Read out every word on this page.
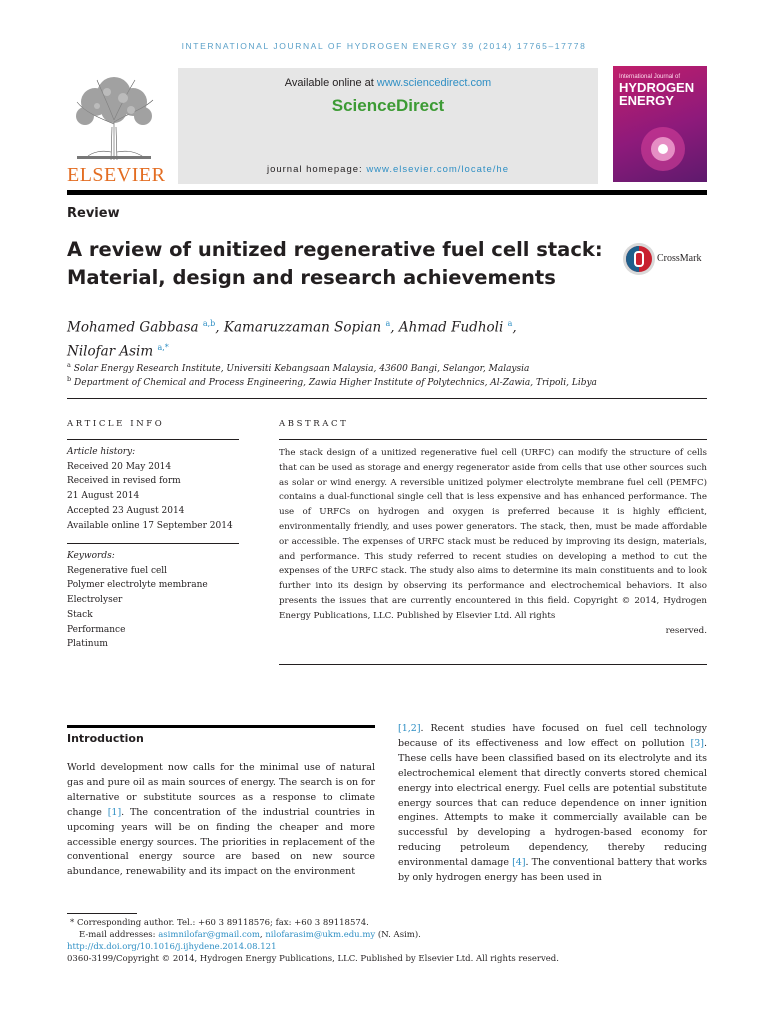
INTERNATIONAL JOURNAL OF HYDROGEN ENERGY 39 (2014) 17765–17778
ELSEVIER
Available online at www.sciencedirect.com
ScienceDirect
journal homepage: www.elsevier.com/locate/he
International Journal of
HYDROGEN
ENERGY
Review
A review of unitized regenerative fuel cell stack:
Material, design and research achievements
CrossMark
Mohamed Gabbasa $^{a,b}$, Kamaruzzaman Sopian $^a$, Ahmad Fudholi $^a$,
Nilofar Asim $^{a,*}$
$^a$ Solar Energy Research Institute, Universiti Kebangsaan Malaysia, 43600 Bangi, Selangor, Malaysia
$^b$ Department of Chemical and Process Engineering, Zawia Higher Institute of Polytechnics, Al-Zawia, Tripoli, Libya
ARTICLE INFO
Article history:
Received 20 May 2014
Received in revised form
21 August 2014
Accepted 23 August 2014
Available online 17 September 2014
Keywords:
Regenerative fuel cell
Polymer electrolyte membrane
Electrolyser
Stack
Performance
Platinum
ABSTRACT
The stack design of a unitized regenerative fuel cell (URFC) can modify the structure of cells that can be used as storage and energy regenerator aside from cells that use other sources such as solar or wind energy. A reversible unitized polymer electrolyte membrane fuel cell (PEMFC) contains a dual-functional single cell that is less expensive and has enhanced performance. The use of URFCs on hydrogen and oxygen is preferred because it is highly efficient, environmentally friendly, and uses power generators. The stack, then, must be made affordable or accessible. The expenses of URFC stack must be reduced by improving its design, materials, and performance. This study referred to recent studies on developing a method to cut the expenses of the URFC stack. The study also aims to determine its main constituents and to look further into its design by observing its performance and electrochemical behaviors. It also presents the issues that are currently encountered in this field. Copyright © 2014, Hydrogen Energy Publications, LLC. Published by Elsevier Ltd. All rights
reserved.
Introduction
World development now calls for the minimal use of natural gas and pure oil as main sources of energy. The search is on for alternative or substitute sources as a response to climate change [1]. The concentration of the industrial countries in upcoming years will be on finding the cheaper and more accessible energy sources. The priorities in replacement of the conventional energy source are based on new source abundance, renewability and its impact on the environment
[1,2]. Recent studies have focused on fuel cell technology because of its effectiveness and low effect on pollution [3]. These cells have been classified based on its electrolyte and its electrochemical element that directly converts stored chemical energy into electrical energy. Fuel cells are potential substitute energy sources that can reduce dependence on inner ignition engines. Attempts to make it commercially available can be successful by developing a hydrogen-based economy for reducing petroleum dependency, thereby reducing environmental damage [4]. The conventional battery that works by only hydrogen energy has been used in
* Corresponding author. Tel.: +60 3 89118576; fax: +60 3 89118574.
E-mail addresses: asimnilofar@gmail.com, nilofarasim@ukm.edu.my (N. Asim).
http://dx.doi.org/10.1016/j.ijhydene.2014.08.121
0360-3199/Copyright © 2014, Hydrogen Energy Publications, LLC. Published by Elsevier Ltd. All rights reserved.
